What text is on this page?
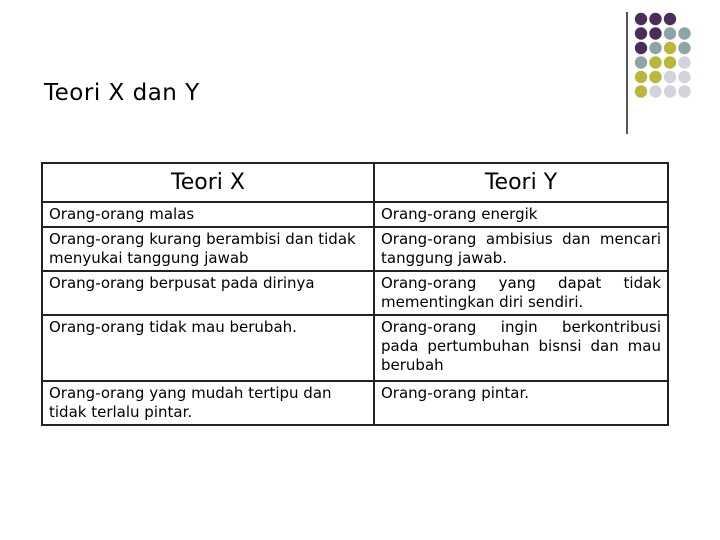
Teori X dan Y
Teori X	Teori Y
Orang-orang malas	Orang-orang energik
Orang-orang kurang berambisi dan tidak menyukai tanggung jawab	Orang-orang ambisius dan mencari tanggung jawab.
Orang-orang berpusat pada dirinya	Orang-orang yang dapat tidak mementingkan diri sendiri.
Orang-orang tidak mau berubah.	Orang-orang ingin berkontribusi pada pertumbuhan bisnsi dan mau berubah
Orang-orang yang mudah tertipu dan tidak terlalu pintar.	Orang-orang pintar.
